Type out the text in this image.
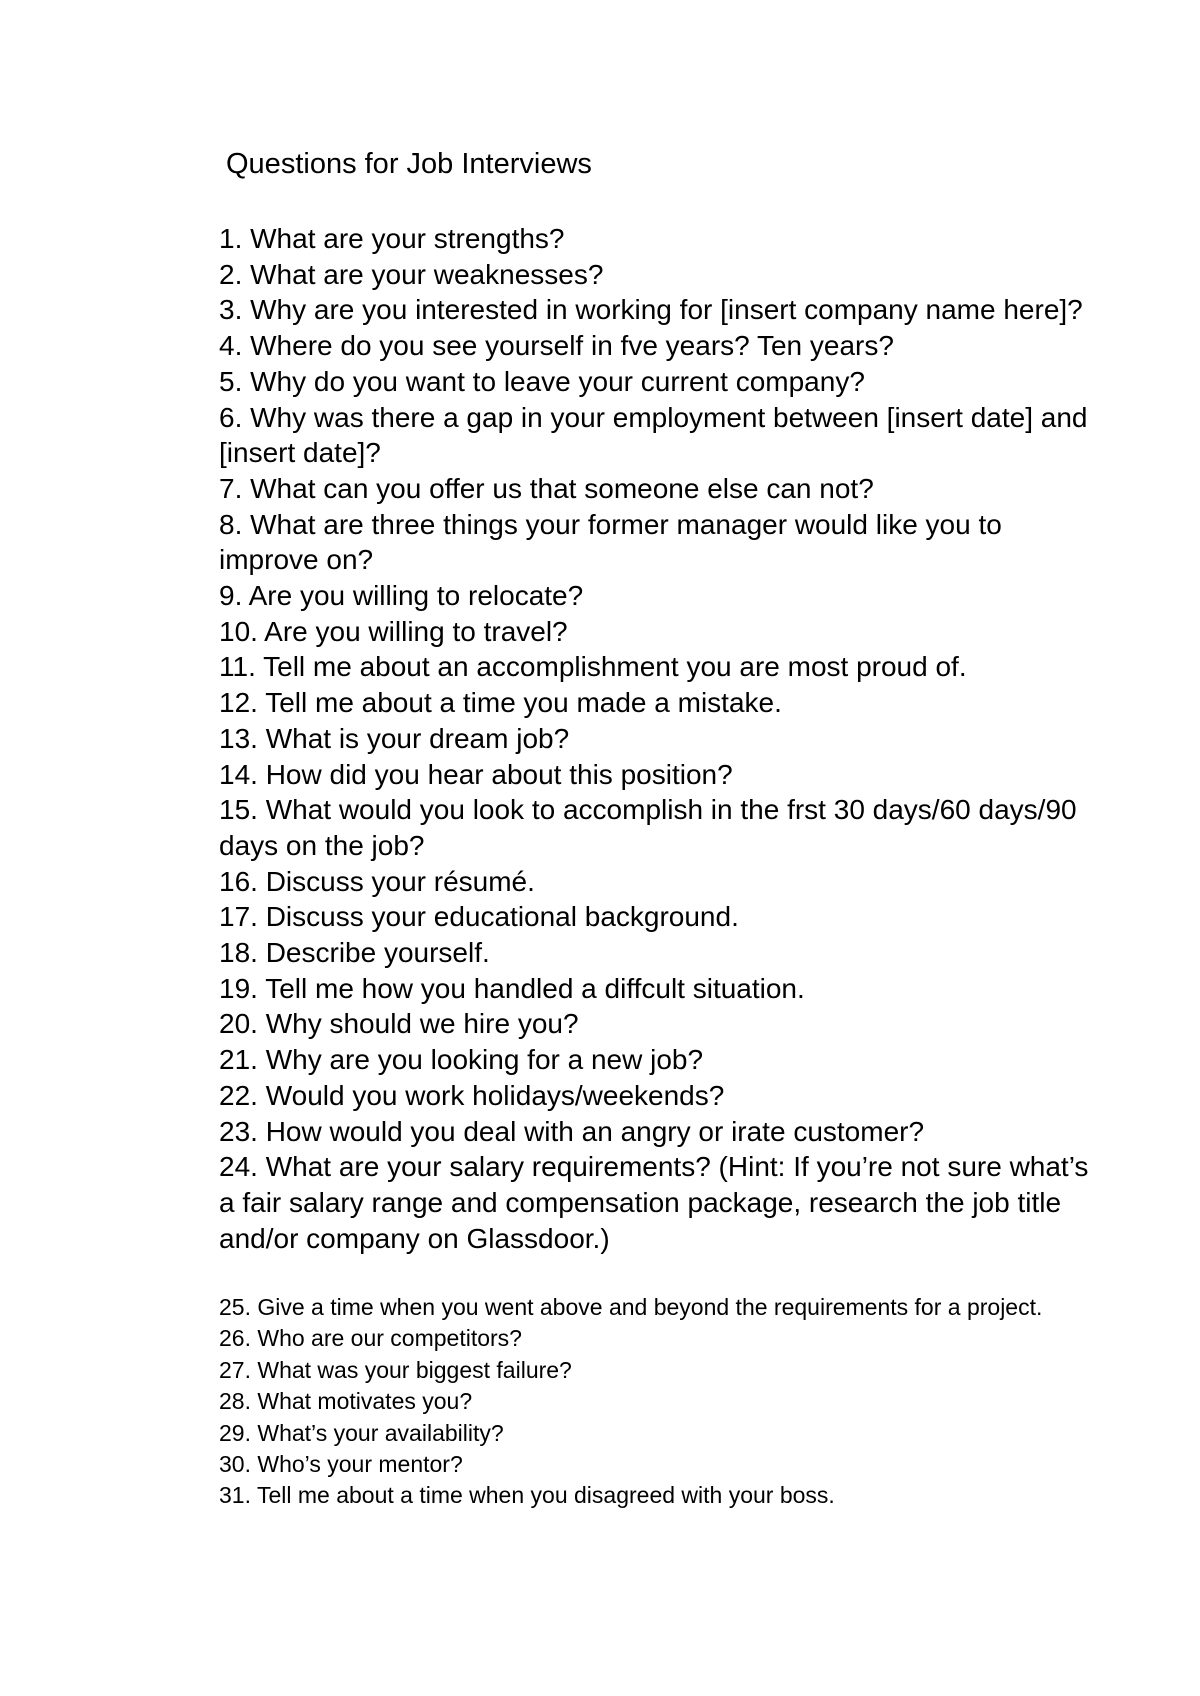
Questions for Job Interviews
1. What are your strengths?
2. What are your weaknesses?
3. Why are you interested in working for [insert company name here]?
4. Where do you see yourself in fve years? Ten years?
5. Why do you want to leave your current company?
6. Why was there a gap in your employment between [insert date] and [insert date]?
7. What can you offer us that someone else can not?
8. What are three things your former manager would like you to improve on?
9. Are you willing to relocate?
10. Are you willing to travel?
11. Tell me about an accomplishment you are most proud of.
12. Tell me about a time you made a mistake.
13. What is your dream job?
14. How did you hear about this position?
15. What would you look to accomplish in the frst 30 days/60 days/90 days on the job?
16. Discuss your résumé.
17. Discuss your educational background.
18. Describe yourself.
19. Tell me how you handled a diffcult situation.
20. Why should we hire you?
21. Why are you looking for a new job?
22. Would you work holidays/weekends?
23. How would you deal with an angry or irate customer?
24. What are your salary requirements? (Hint: If you’re not sure what’s a fair salary range and compensation package, research the job title and/or company on Glassdoor.)
25. Give a time when you went above and beyond the requirements for a project.
26. Who are our competitors?
27. What was your biggest failure?
28. What motivates you?
29. What’s your availability?
30. Who’s your mentor?
31. Tell me about a time when you disagreed with your boss.
